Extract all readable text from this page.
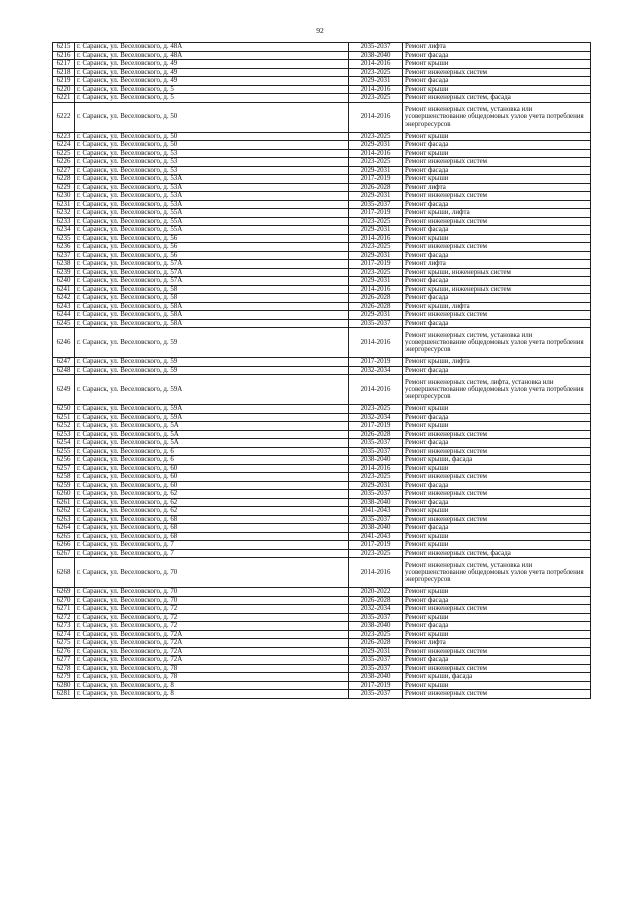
92
6215	г. Саранск, ул. Веселовского, д. 48А	2035-2037	Ремонт лифта
6216	г. Саранск, ул. Веселовского, д. 48А	2038-2040	Ремонт фасада
6217	г. Саранск, ул. Веселовского, д. 49	2014-2016	Ремонт крыши
6218	г. Саранск, ул. Веселовского, д. 49	2023-2025	Ремонт инженерных систем
6219	г. Саранск, ул. Веселовского, д. 49	2029-2031	Ремонт фасада
6220	г. Саранск, ул. Веселовского, д. 5	2014-2016	Ремонт крыши
6221	г. Саранск, ул. Веселовского, д. 5	2023-2025	Ремонт инженерных систем, фасада
6222	г. Саранск, ул. Веселовского, д. 50	2014-2016	Ремонт инженерных систем, установка или усовершенствование общедомовых узлов учета потребления энергоресурсов
6223	г. Саранск, ул. Веселовского, д. 50	2023-2025	Ремонт крыши
6224	г. Саранск, ул. Веселовского, д. 50	2029-2031	Ремонт фасада
6225	г. Саранск, ул. Веселовского, д. 53	2014-2016	Ремонт крыши
6226	г. Саранск, ул. Веселовского, д. 53	2023-2025	Ремонт инженерных систем
6227	г. Саранск, ул. Веселовского, д. 53	2029-2031	Ремонт фасада
6228	г. Саранск, ул. Веселовского, д. 53А	2017-2019	Ремонт крыши
6229	г. Саранск, ул. Веселовского, д. 53А	2026-2028	Ремонт лифта
6230	г. Саранск, ул. Веселовского, д. 53А	2029-2031	Ремонт инженерных систем
6231	г. Саранск, ул. Веселовского, д. 53А	2035-2037	Ремонт фасада
6232	г. Саранск, ул. Веселовского, д. 55А	2017-2019	Ремонт крыши, лифта
6233	г. Саранск, ул. Веселовского, д. 55А	2023-2025	Ремонт инженерных систем
6234	г. Саранск, ул. Веселовского, д. 55А	2029-2031	Ремонт фасада
6235	г. Саранск, ул. Веселовского, д. 56	2014-2016	Ремонт крыши
6236	г. Саранск, ул. Веселовского, д. 56	2023-2025	Ремонт инженерных систем
6237	г. Саранск, ул. Веселовского, д. 56	2029-2031	Ремонт фасада
6238	г. Саранск, ул. Веселовского, д. 57А	2017-2019	Ремонт лифта
6239	г. Саранск, ул. Веселовского, д. 57А	2023-2025	Ремонт крыши, инженерных систем
6240	г. Саранск, ул. Веселовского, д. 57А	2029-2031	Ремонт фасада
6241	г. Саранск, ул. Веселовского, д. 58	2014-2016	Ремонт крыши, инженерных систем
6242	г. Саранск, ул. Веселовского, д. 58	2026-2028	Ремонт фасада
6243	г. Саранск, ул. Веселовского, д. 58А	2026-2028	Ремонт крыши, лифта
6244	г. Саранск, ул. Веселовского, д. 58А	2029-2031	Ремонт инженерных систем
6245	г. Саранск, ул. Веселовского, д. 58А	2035-2037	Ремонт фасада
6246	г. Саранск, ул. Веселовского, д. 59	2014-2016	Ремонт инженерных систем, установка или усовершенствование общедомовых узлов учета потребления энергоресурсов
6247	г. Саранск, ул. Веселовского, д. 59	2017-2019	Ремонт крыши, лифта
6248	г. Саранск, ул. Веселовского, д. 59	2032-2034	Ремонт фасада
6249	г. Саранск, ул. Веселовского, д. 59А	2014-2016	Ремонт инженерных систем, лифта, установка или усовершенствование общедомовых узлов учета потребления энергоресурсов
6250	г. Саранск, ул. Веселовского, д. 59А	2023-2025	Ремонт крыши
6251	г. Саранск, ул. Веселовского, д. 59А	2032-2034	Ремонт фасада
6252	г. Саранск, ул. Веселовского, д. 5А	2017-2019	Ремонт крыши
6253	г. Саранск, ул. Веселовского, д. 5А	2026-2028	Ремонт инженерных систем
6254	г. Саранск, ул. Веселовского, д. 5А	2035-2037	Ремонт фасада
6255	г. Саранск, ул. Веселовского, д. 6	2035-2037	Ремонт инженерных систем
6256	г. Саранск, ул. Веселовского, д. 6	2038-2040	Ремонт крыши, фасада
6257	г. Саранск, ул. Веселовского, д. 60	2014-2016	Ремонт крыши
6258	г. Саранск, ул. Веселовского, д. 60	2023-2025	Ремонт инженерных систем
6259	г. Саранск, ул. Веселовского, д. 60	2029-2031	Ремонт фасада
6260	г. Саранск, ул. Веселовского, д. 62	2035-2037	Ремонт инженерных систем
6261	г. Саранск, ул. Веселовского, д. 62	2038-2040	Ремонт фасада
6262	г. Саранск, ул. Веселовского, д. 62	2041-2043	Ремонт крыши
6263	г. Саранск, ул. Веселовского, д. 68	2035-2037	Ремонт инженерных систем
6264	г. Саранск, ул. Веселовского, д. 68	2038-2040	Ремонт фасада
6265	г. Саранск, ул. Веселовского, д. 68	2041-2043	Ремонт крыши
6266	г. Саранск, ул. Веселовского, д. 7	2017-2019	Ремонт крыши
6267	г. Саранск, ул. Веселовского, д. 7	2023-2025	Ремонт инженерных систем, фасада
6268	г. Саранск, ул. Веселовского, д. 70	2014-2016	Ремонт инженерных систем, установка или усовершенствование общедомовых узлов учета потребления энергоресурсов
6269	г. Саранск, ул. Веселовского, д. 70	2020-2022	Ремонт крыши
6270	г. Саранск, ул. Веселовского, д. 70	2026-2028	Ремонт фасада
6271	г. Саранск, ул. Веселовского, д. 72	2032-2034	Ремонт инженерных систем
6272	г. Саранск, ул. Веселовского, д. 72	2035-2037	Ремонт крыши
6273	г. Саранск, ул. Веселовского, д. 72	2038-2040	Ремонт фасада
6274	г. Саранск, ул. Веселовского, д. 72А	2023-2025	Ремонт крыши
6275	г. Саранск, ул. Веселовского, д. 72А	2026-2028	Ремонт лифта
6276	г. Саранск, ул. Веселовского, д. 72А	2029-2031	Ремонт инженерных систем
6277	г. Саранск, ул. Веселовского, д. 72А	2035-2037	Ремонт фасада
6278	г. Саранск, ул. Веселовского, д. 78	2035-2037	Ремонт инженерных систем
6279	г. Саранск, ул. Веселовского, д. 78	2038-2040	Ремонт крыши, фасада
6280	г. Саранск, ул. Веселовского, д. 8	2017-2019	Ремонт крыши
6281	г. Саранск, ул. Веселовского, д. 8	2035-2037	Ремонт инженерных систем
